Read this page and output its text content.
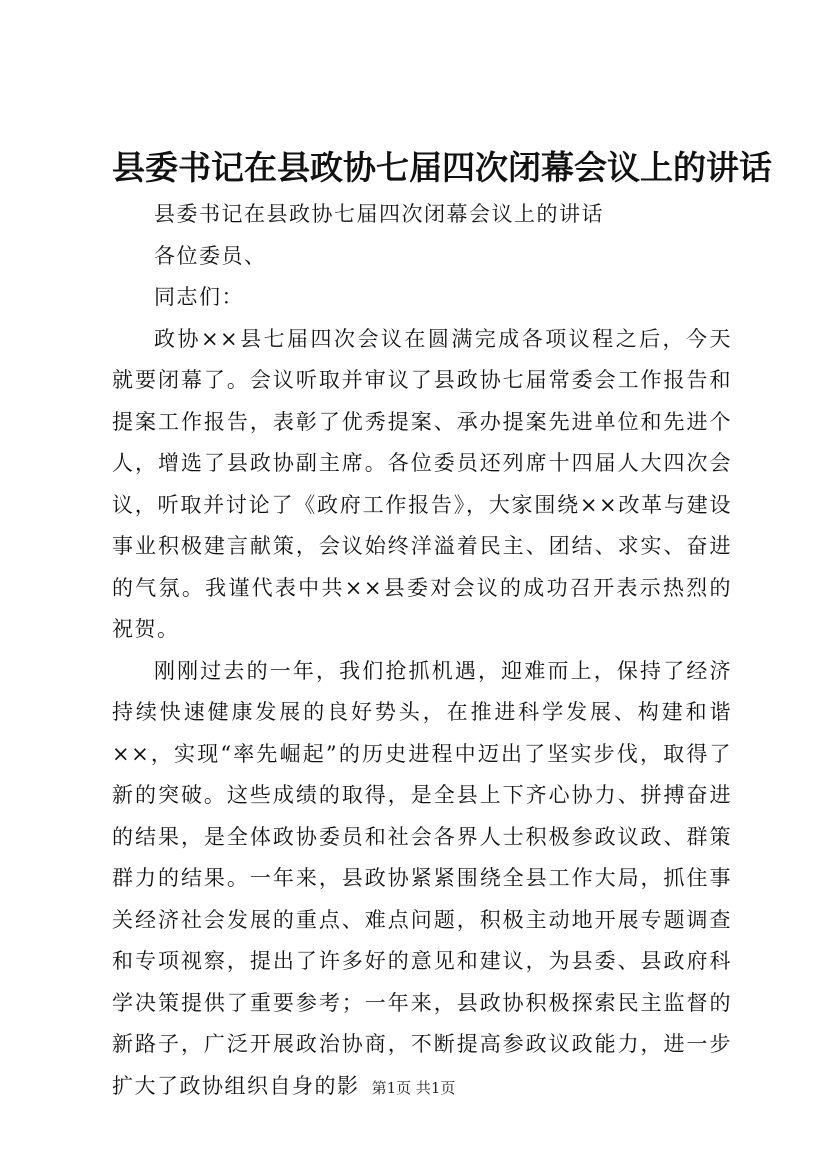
县委书记在县政协七届四次闭幕会议上的讲话

县委书记在县政协七届四次闭幕会议上的讲话

各位委员、

同志们：

政协××县七届四次会议在圆满完成各项议程之后，今天就要闭幕了。会议听取并审议了县政协七届常委会工作报告和提案工作报告，表彰了优秀提案、承办提案先进单位和先进个人，增选了县政协副主席。各位委员还列席十四届人大四次会议，听取并讨论了《政府工作报告》，大家围绕××改革与建设事业积极建言献策，会议始终洋溢着民主、团结、求实、奋进的气氛。我谨代表中共××县委对会议的成功召开表示热烈的祝贺。

刚刚过去的一年，我们抢抓机遇，迎难而上，保持了经济持续快速健康发展的良好势头，在推进科学发展、构建和谐××，实现“率先崛起”的历史进程中迈出了坚实步伐，取得了新的突破。这些成绩的取得，是全县上下齐心协力、拼搏奋进的结果，是全体政协委员和社会各界人士积极参政议政、群策群力的结果。一年来，县政协紧紧围绕全县工作大局，抓住事关经济社会发展的重点、难点问题，积极主动地开展专题调查和专项视察，提出了许多好的意见和建议，为县委、县政府科学决策提供了重要参考；一年来，县政协积极探索民主监督的新路子，广泛开展政治协商，不断提高参政议政能力，进一步扩大了政协组织自身的影 第1页 共1页
